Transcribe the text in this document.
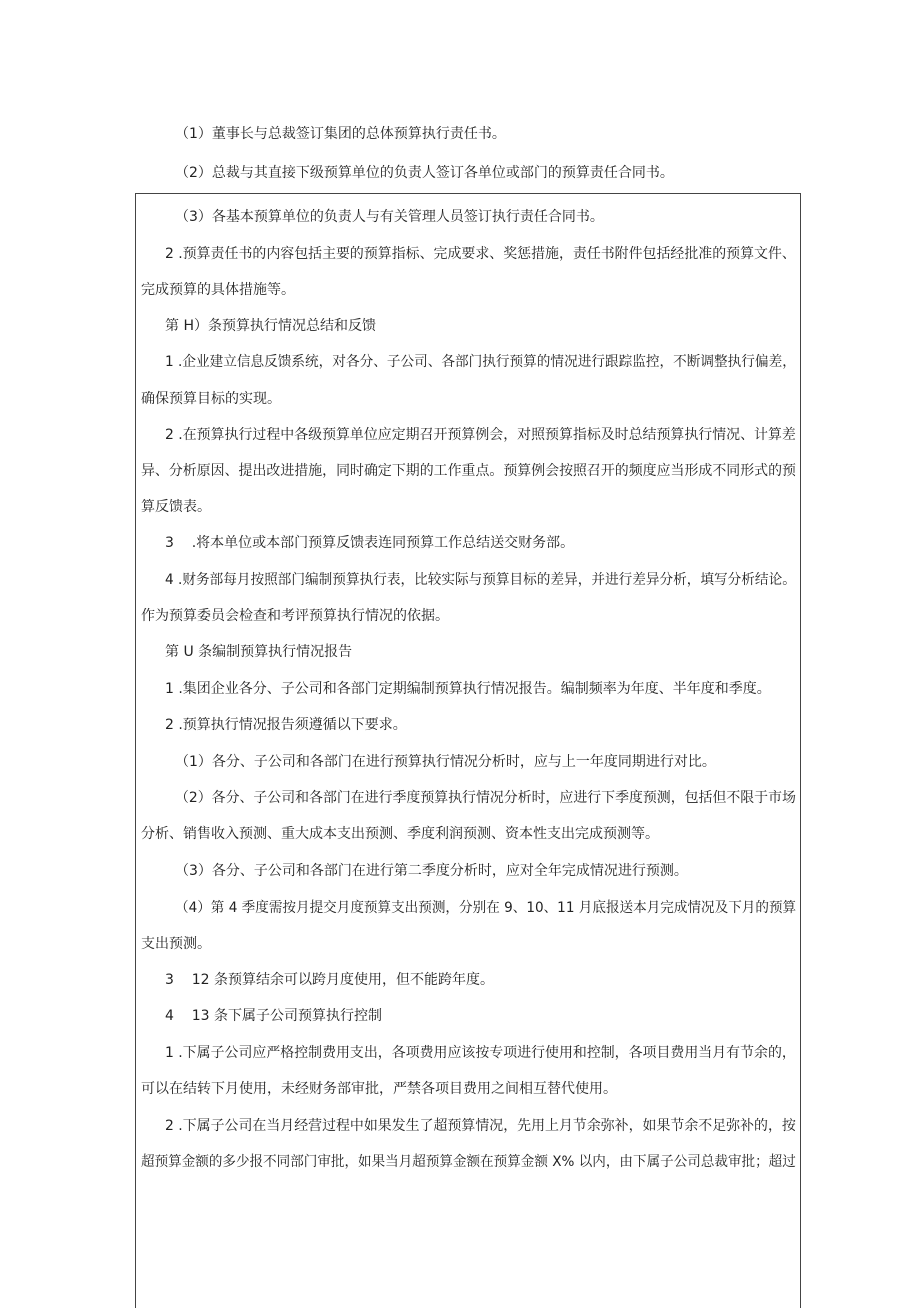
（1）董事长与总裁签订集团的总体预算执行责任书。
（2）总裁与其直接下级预算单位的负责人签订各单位或部门的预算责任合同书。
（3）各基本预算单位的负责人与有关管理人员签订执行责任合同书。
2 .预算责任书的内容包括主要的预算指标、完成要求、奖惩措施，责任书附件包括经批准的预算文件、
完成预算的具体措施等。
第 H）条预算执行情况总结和反馈
1 .企业建立信息反馈系统，对各分、子公司、各部门执行预算的情况进行跟踪监控，不断调整执行偏差，
确保预算目标的实现。
2 .在预算执行过程中各级预算单位应定期召开预算例会，对照预算指标及时总结预算执行情况、计算差
异、分析原因、提出改进措施，同时确定下期的工作重点。预算例会按照召开的频度应当形成不同形式的预
算反馈表。
3    .将本单位或本部门预算反馈表连同预算工作总结送交财务部。
4 .财务部每月按照部门编制预算执行表，比较实际与预算目标的差异，并进行差异分析，填写分析结论。
作为预算委员会检查和考评预算执行情况的依据。
第 U 条编制预算执行情况报告
1 .集团企业各分、子公司和各部门定期编制预算执行情况报告。编制频率为年度、半年度和季度。
2 .预算执行情况报告须遵循以下要求。
（1）各分、子公司和各部门在进行预算执行情况分析时，应与上一年度同期进行对比。
（2）各分、子公司和各部门在进行季度预算执行情况分析时，应进行下季度预测，包括但不限于市场
分析、销售收入预测、重大成本支出预测、季度利润预测、资本性支出完成预测等。
（3）各分、子公司和各部门在进行第二季度分析时，应对全年完成情况进行预测。
（4）第 4 季度需按月提交月度预算支出预测，分别在 9、10、11 月底报送本月完成情况及下月的预算
支出预测。
3    12 条预算结余可以跨月度使用，但不能跨年度。
4    13 条下属子公司预算执行控制
1 .下属子公司应严格控制费用支出，各项费用应该按专项进行使用和控制，各项目费用当月有节余的，
可以在结转下月使用，未经财务部审批，严禁各项目费用之间相互替代使用。
2 .下属子公司在当月经营过程中如果发生了超预算情况，先用上月节余弥补，如果节余不足弥补的，按
超预算金额的多少报不同部门审批，如果当月超预算金额在预算金额 X% 以内，由下属子公司总裁审批；超过
